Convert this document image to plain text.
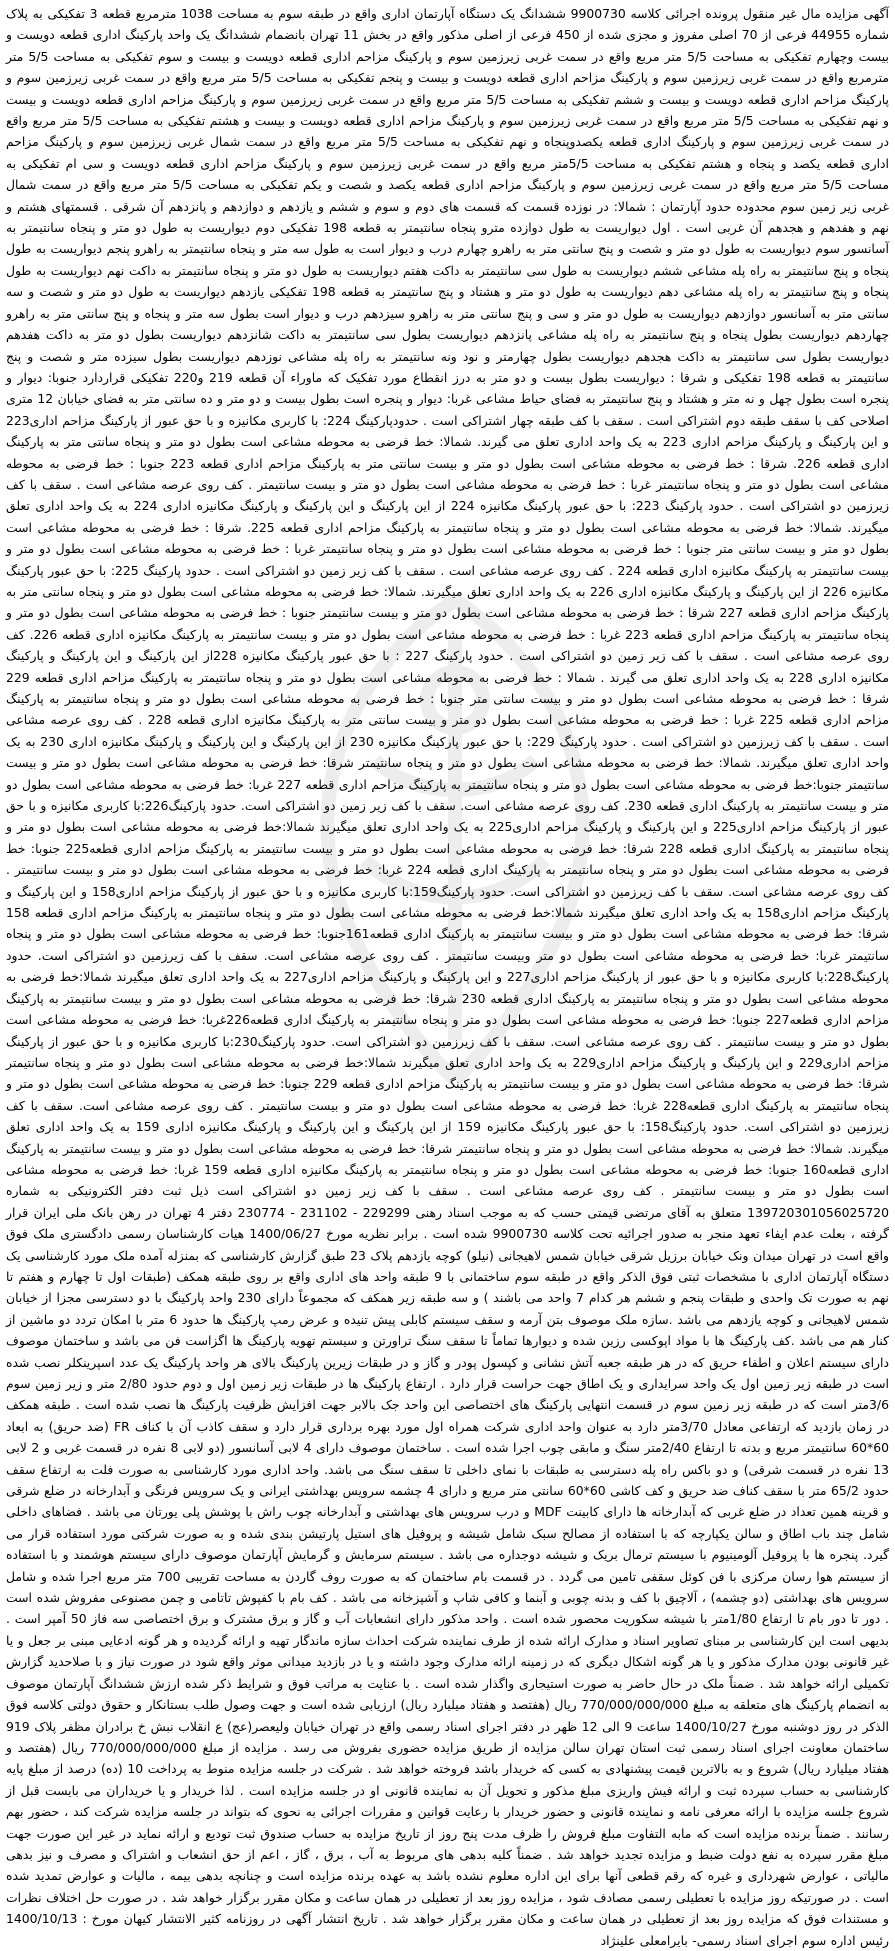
آگهی مزایده مال غیر منقول پرونده اجرائی کلاسه 9900730 ششدانگ یک دستگاه آپارتمان اداری واقع در طبقه سوم به مساحت 1038 مترمربع قطعه 3 تفکیکی به پلاک شماره 44955 فرعی از 70 اصلی مفروز و مجزی شده از 450 فرعی از اصلی مذکور واقع در بخش 11 تهران بانضمام ششدانگ یک واحد پارکینگ اداری قطعه دویست و بیست وچهارم تفکیکی به مساحت 5/5 متر مربع واقع در سمت غربی زیرزمین سوم و پارکینگ مزاحم اداری قطعه دویست و بیست و سوم تفکیکی به مساحت 5/5 متر مترمربع واقع در سمت غربی زیرزمین سوم و پارکینگ مزاحم اداری قطعه دویست و بیست و پنجم تفکیکی به مساحت 5/5 متر مربع واقع در سمت غربی زیرزمین سوم و پارکینگ مزاحم اداری قطعه دویست و بیست و ششم تفکیکی به مساحت 5/5 متر مربع واقع در سمت غربی زیرزمین سوم و پارکینگ مزاحم اداری قطعه دویست و بیست و نهم تفکیکی به مساحت 5/5 متر مربع واقع در سمت غربی زیرزمین سوم و پارکینگ مزاحم اداری قطعه دویست و بیست و هشتم تفکیکی به مساحت 5/5 متر مربع واقع در سمت غربی زیرزمین سوم و پارکینگ اداری قطعه یکصدوپنجاه و نهم تفکیکی به مساحت 5/5 متر مربع واقع در سمت شمال غربی زیرزمین سوم و پارکینگ مزاحم اداری قطعه یکصد و پنجاه و هشتم تفکیکی به مساحت 5/5متر مربع واقع در سمت غربی زیرزمین سوم و پارکینگ مزاحم اداری قطعه دویست و سی ام تفکیکی به مساحت 5/5 متر مربع واقع در سمت غربی زیرزمین سوم و پارکینگ مزاحم اداری قطعه یکصد و شصت و یکم تفکیکی به مساحت 5/5 متر مربع واقع در سمت شمال غربی زیر زمین سوم محدوده حدود آپارتمان : شمالا: در نوزده قسمت که قسمت های دوم و سوم و ششم و یازدهم و دوازدهم و پانزدهم آن شرقی . قسمتهای هشتم و نهم و هفدهم و هجدهم آن غربی است . اول دیواریست به طول دوازده مترو پنجاه سانتیمتر به قطعه 198 تفکیکی دوم دیواریست به طول دو متر و پنجاه سانتیمتر به آسانسور سوم دیواریست به طول دو متر و شصت و پنج سانتی متر به راهرو چهارم درب و دیوار است به طول سه متر و پنجاه سانتیمتر به راهرو پنجم دیواریست به طول پنجاه و پنج سانتیمتر به راه پله مشاعی ششم دیواریست به طول سی سانتیمتر به داکت هفتم دیواریست به طول دو متر و پنجاه سانتیمتر به داکت نهم دیواریست به طول پنجاه و پنج سانتیمتر به راه پله مشاعی دهم دیواریست به طول دو متر و هشتاد و پنج سانتیمتر به قطعه 198 تفکیکی یازدهم دیواریست به طول دو متر و شصت و سه سانتی متر به آسانسور دوازدهم دیواریست به طول دو متر و سی و پنج سانتی متر به راهرو سیزدهم درب و دیوار است بطول سه متر و پنجاه و پنج سانتی متر به راهرو چهاردهم دیواریست بطول پنجاه و پنج سانتیمتر به راه پله مشاعی پانزدهم دیواریست بطول سی سانتیمتر به داکت شانزدهم دیواریست بطول دو متر به داکت هفدهم دیواریست بطول سی سانتیمتر به داکت هجدهم دیواریست بطول چهارمتر و نود ونه سانتیمتر به راه پله مشاعی نوزدهم دیواریست بطول سیزده متر و شصت و پنج سانتیمتر به قطعه 198 تفکیکی و شرقا : دیواریست بطول بیست و دو متر به درز انقطاع مورد تفکیک که ماوراء آن قطعه 219 و220 تفکیکی قراردارد جنوبا: دیوار و پنجره است بطول چهل و نه متر و هشتاد و پنج سانتیمتر به فضای حیاط مشاعی غربا: دیوار و پنجره است بطول بیست و دو متر و ده سانتی متر به فضای خیابان 12 متری اصلاحی کف با سقف طبقه دوم اشتراکی است . سقف با کف طبقه چهار اشتراکی است . حدودپارکینگ 224: با کاربری مکانیزه و با حق عبور از پارکینگ مزاحم اداری223 و این پارکینگ و پارکینگ مزاحم اداری 223 به یک واحد اداری تعلق می گیرند. شمالا: خط فرضی به محوطه مشاعی است بطول دو متر و پنجاه سانتی متر به پارکینگ اداری قطعه 226. شرقا : خط فرضی به محوطه مشاعی است بطول دو متر و بیست سانتی متر به پارکینگ مزاحم اداری قطعه 223 جنوبا : خط فرضی به محوطه مشاعی است بطول دو متر و پنجاه سانتیمتر غربا : خط فرضی به محوطه مشاعی است بطول دو متر و بیست سانتیمتر . کف روی عرصه مشاعی است . سقف با کف زیرزمین دو اشتراکی است . حدود پارکینگ 223: با حق عبور پارکینگ مکانیزه 224 از این پارکینگ و این پارکینگ و پارکینگ مکانیزه اداری 224 به یک واحد اداری تعلق میگیرند. شمالا: خط فرضی به محوطه مشاعی است بطول دو متر و پنجاه سانتیمتر به پارکینگ مزاحم اداری قطعه 225. شرقا : خط فرضی به محوطه مشاعی است بطول دو متر و بیست سانتی متر جنوبا : خط فرضی به محوطه مشاعی است بطول دو متر و پنجاه سانتیمتر غربا : خط فرضی به محوطه مشاعی است بطول دو متر و بیست سانتیمتر به پارکینگ مکانیزه اداری قطعه 224 . کف روی عرصه مشاعی است . سقف با کف زیر زمین دو اشتراکی است . حدود پارکینگ 225: با حق عبور پارکینگ مکانیزه 226 از این پارکینگ و پارکینگ مکانیزه اداری 226 به یک واحد اداری تعلق میگیرند. شمالا: خط فرضی به محوطه مشاعی است بطول دو متر و پنجاه سانتی متر به پارکینگ مزاحم اداری قطعه 227 شرقا : خط فرضی به محوطه مشاعی است بطول دو متر و بیست سانتیمتر جنوبا : خط فرضی به محوطه مشاعی است بطول دو متر و پنجاه سانتیمتر به پارکینگ مزاحم اداری قطعه 223 غربا : خط فرضی به محوطه مشاعی است بطول دو متر و بیست سانتیمتر به پارکینگ مکانیزه اداری قطعه 226. کف روی عرصه مشاعی است . سقف با کف زیر زمین دو اشتراکی است . حدود پارکینگ 227 : با حق عبور پارکینگ مکانیزه 228از این پارکینگ و این پارکینگ و پارکینگ مکانیزه اداری 228 به یک واحد اداری تعلق می گیرند . شمالا : خط فرضی به محوطه مشاعی است بطول دو متر و پنجاه سانتیمتر به پارکینگ مزاحم اداری قطعه 229 شرقا : خط فرضی به محوطه مشاعی است بطول دو متر و بیست سانتی متر جنوبا : خط فرضی به محوطه مشاعی است بطول دو متر و پنجاه سانتیمتر به پارکینگ مزاحم اداری قطعه 225 غربا : خط فرضی به محوطه مشاعی است بطول دو متر و بیست سانتی متر به پارکینگ مکانیزه اداری قطعه 228 . کف روی عرصه مشاعی است . سقف با کف زیرزمین دو اشتراکی است . حدود پارکینگ 229: با حق عبور پارکینگ مکانیزه 230 از این پارکینگ و این پارکینگ و پارکینگ مکانیزه اداری 230 به یک واحد اداری تعلق میگیرند. شمالا: خط فرضی به محوطه مشاعی است بطول دو متر و پنجاه سانتیمتر شرقا: خط فرضی به محوطه مشاعی است بطول دو متر و بیست سانتیمتر جنوبا:خط فرضی به محوطه مشاعی است بطول دو متر و پنجاه سانتیمتر به پارکینگ مزاحم اداری قطعه 227 غربا: خط فرضی به محوطه مشاعی است بطول دو متر و بیست سانتیمتر به پارکینگ اداری قطعه 230. کف روی عرصه مشاعی است. سقف با کف زیر زمین دو اشتراکی است. حدود پارکینگ226:با کاربری مکانیزه و با حق عبور از پارکینگ مزاحم اداری225 و این پارکینگ و پارکینگ مزاحم اداری225 به یک واحد اداری تعلق میگیرند شمالا:خط فرضی به محوطه مشاعی است بطول دو متر و پنجاه سانتیمتر به پارکینگ اداری قطعه 228 شرقا: خط فرضی به محوطه مشاعی است بطول دو متر و بیست سانتیمتر به پارکینگ مزاحم اداری قطعه225 جنوبا: خط فرضی به محوطه مشاعی است بطول دو متر و پنجاه سانتیمتر به پارکینگ اداری قطعه 224 غربا: خط فرضی به محوطه مشاعی است بطول دو متر و بیست سانتیمتر . کف روی عرصه مشاعی است. سقف با کف زیرزمین دو اشتراکی است. حدود پارکینگ159:با کاربری مکانیزه و با حق عبور از پارکینگ مزاحم اداری158 و این پارکینگ و پارکینگ مزاحم اداری158 به یک واحد اداری تعلق میگیرند شمالا:خط فرضی به محوطه مشاعی است بطول دو متر و پنجاه سانتیمتر به پارکینگ مزاحم اداری قطعه 158 شرقا: خط فرضی به محوطه مشاعی است بطول دو متر و بیست سانتیمتر به پارکینگ اداری قطعه161جنوبا: خط فرضی به محوطه مشاعی است بطول دو متر و پنجاه سانتیمتر غربا: خط فرضی به محوطه مشاعی است بطول دو متر وبیست سانتیمتر . کف روی عرصه مشاعی است. سقف با کف زیرزمین دو اشتراکی است. حدود پارکینگ228:با کاربری مکانیزه و با حق عبور از پارکینگ مزاحم اداری227 و این پارکینگ و پارکینگ مزاحم اداری227 به یک واحد اداری تعلق میگیرند شمالا:خط فرضی به محوطه مشاعی است بطول دو متر و پنجاه سانتیمتر به پارکینگ اداری قطعه 230 شرقا: خط فرضی به محوطه مشاعی است بطول دو متر و بیست سانتیمتر به پارکینگ مزاحم اداری قطعه227 جنوبا: خط فرضی به محوطه مشاعی است بطول دو متر و پنجاه سانتیمتر به پارکینگ اداری قطعه226غربا: خط فرضی به محوطه مشاعی است بطول دو متر و بیست سانتیمتر . کف روی عرصه مشاعی است. سقف با کف زیرزمین دو اشتراکی است. حدود پارکینگ230:با کاربری مکانیزه و با حق عبور از پارکینگ مزاحم اداری229 و این پارکینگ و پارکینگ مزاحم اداری229 به یک واحد اداری تعلق میگیرند شمالا:خط فرضی به محوطه مشاعی است بطول دو متر و پنجاه سانتیمتر شرقا: خط فرضی به محوطه مشاعی است بطول دو متر و بیست سانتیمتر به پارکینگ مزاحم اداری قطعه 229 جنوبا: خط فرضی به محوطه مشاعی است بطول دو متر و پنجاه سانتیمتر به پارکینگ اداری قطعه228 غربا: خط فرضی به محوطه مشاعی است بطول دو متر و بیست سانتیمتر . کف روی عرصه مشاعی است. سقف با کف زیرزمین دو اشتراکی است. حدود پارکینگ158: با حق عبور پارکینگ مکانیزه 159 از این پارکینگ و این پارکینگ و پارکینگ مکانیزه اداری 159 به یک واحد اداری تعلق میگیرند. شمالا: خط فرضی به محوطه مشاعی است بطول دو متر و پنجاه سانتیمتر شرقا: خط فرضی به محوطه مشاعی است بطول دو متر و بیست سانتیمتر به پارکینگ اداری قطعه160 جنوبا: خط فرضی به محوطه مشاعی است بطول دو متر و پنجاه سانتیمتر به پارکینگ مکانیزه اداری قطعه 159 غربا: خط فرضی به محوطه مشاعی است بطول دو متر و بیست سانتیمتر . کف روی عرصه مشاعی است . سقف با کف زیر زمین دو اشتراکی است ذیل ثبت دفتر الکترونیکی به شماره 139720301056025720 متعلق به آقای مرتضی قیمتی حسب که به موجب اسناد رهنی 229299 - 231102 - 230774 دفتر 4 تهران در رهن بانک ملی ایران قرار گرفته ، بعلت عدم ایفاء تعهد منجر به صدور اجرائیه تحت کلاسه 9900730 شده است . برابر نظریه مورخ 1400/06/27 هیات کارشناسان رسمی دادگستری ملک فوق واقع است در تهران میدان ونک خیابان برزیل شرقی خیابان شمس لاهیجانی (نیلو) کوچه یازدهم پلاک 23 طبق گزارش کارشناسی که بمنزله آمده ملک مورد کارشناسی یک دستگاه آپارتمان اداری با مشخصات ثبتی فوق الذکر واقع در طبقه سوم ساختمانی با 9 طبقه واحد های اداری واقع بر روی طبقه همکف (طبقات اول تا چهارم و هفتم تا نهم به صورت تک واحدی و طبقات پنجم و ششم هر کدام 7 واحد می باشند ) و سه طبقه زیر همکف که مجموعاً دارای 230 واحد پارکینگ با دو دسترسی مجزا از خیابان شمس لاهیجانی و کوچه یازدهم می باشد .سازه ملک موصوف بتن آرمه و سقف سیستم کابلی پیش تنیده و عرض رمپ پارکینگ ها حدود 6 متر با امکان تردد دو ماشین از کنار هم می باشد .کف پارکینگ ها با مواد اپوکسی رزین شده و دیوارها تماماً تا سقف سنگ تراورتن و سیستم تهویه پارکینگ ها اگزاست فن می باشد و ساختمان موصوف دارای سیستم اعلان و اطفاء حریق که در هر طبقه جعبه آتش نشانی و کپسول پودر و گاز و در طبقات زیرین پارکینگ بالای هر واحد پارکینگ یک عدد اسپرینکلر نصب شده است در طبقه زیر زمین اول یک واحد سرایداری و یک اطاق جهت حراست قرار دارد . ارتفاع پارکینگ ها در طبقات زیر زمین اول و دوم حدود 2/80 متر و زیر زمین سوم 3/6متر است که در طبقه زیر زمین سوم در قسمت انتهایی پارکینگ های اختصاصی این واحد جک بالابر جهت افزایش ظرفیت پارکینگ ها نصب شده است . طبقه همکف در زمان بازدید که ارتفاعی معادل 3/70متر دارد به عنوان واحد اداری شرکت همراه اول مورد بهره برداری قرار دارد و سقف کاذب آن با کناف FR (ضد حریق) به ابعاد 60*60 سانتیمتر مربع و بدنه تا ارتفاع 2/40متر سنگ و مابقی چوب اجرا شده است . ساختمان موصوف دارای 4 لابی آسانسور (دو لابی 8 نفره در قسمت غربی و 2 لابی 13 نفره در قسمت شرقی) و دو باکس راه پله دسترسی به طبقات با نمای داخلی تا سقف سنگ می باشد. واحد اداری مورد کارشناسی به صورت فلت به ارتفاع سقف حدود 65/2 متر با سقف کناف ضد حریق و کف کاشی 60*60 سانتی متر مربع و دارای 4 چشمه سرویس بهداشتی ایرانی و یک سرویس فرنگی و آبدارخانه در ضلع شرقی و قرینه همین تعداد در ضلع غربی که آبدارخانه ها دارای کابینت MDF و درب سرویس های بهداشتی و آبدارخانه چوب راش با پوشش پلی یورتان می باشد . فضاهای داخلی شامل چند باب اطاق و سالن یکپارچه که با استفاده از مصالح سبک شامل شیشه و پروفیل های استیل پارتیشن بندی شده و به صورت شرکتی مورد استفاده قرار می گیرد. پنجره ها با پروفیل آلومینیوم با سیستم ترمال بریک و شیشه دوجداره می باشد . سیستم سرمایش و گرمایش آپارتمان موصوف دارای سیستم هوشمند و با استفاده از سیستم هوا رسان مرکزی با فن کوئل سقفی تامین می گردد . در قسمت بام ساختمان که به صورت روف گاردن به مساحت تقریبی 700 متر مربع اجرا شده و شامل سرویس های بهداشتی (دو چشمه) ، آلاچیق با کف و بدنه چوبی و آبنما و کافی شاپ و آشپزخانه می باشد . کف بام با کفپوش تاتامی و چمن مصنوعی مفروش شده است . دور تا دور بام تا ارتفاع 1/80متر با شیشه سکوریت محصور شده است . واحد مذکور دارای انشعابات آب و گاز و برق مشترک و برق اختصاصی سه فاز 50 آمپر است . بدیهی است این کارشناسی بر مبنای تصاویر اسناد و مدارک ارائه شده از طرف نماینده شرکت احداث سازه ماندگار تهیه و ارائه گردیده و هر گونه ادعایی مبنی بر جعل و یا غیر قانونی بودن مدارک مذکور و یا هر گونه اشکال دیگری که در زمینه ارائه مدارک وجود داشته و یا در بازدید میدانی موثر واقع شود در صورت نیاز و با صلاحدید گزارش تکمیلی ارائه خواهد شد . ضمناً ملک در حال حاضر به صورت استیجاری واگذار شده است . با عنایت به مراتب فوق و شرایط ذکر شده ارزش ششدانگ آپارتمان موصوف به انضمام پارکینگ های متعلقه به مبلغ 770/000/000/000 ریال (هفتصد و هفتاد میلیارد ریال) ارزیابی شده است و جهت وصول طلب بستانکار و حقوق دولتی کلاسه فوق الذکر در روز دوشنبه مورخ 1400/10/27 ساعت 9 الی 12 ظهر در دفتر اجرای اسناد رسمی واقع در تهران خیابان ولیعصر(عج) ع انقلاب نبش خ برادران مظفر پلاک 919 ساختمان معاونت اجرای اسناد رسمی ثبت استان تهران سالن مزایده از طریق مزایده حضوری بفروش می رسد . مزایده از مبلغ 770/000/000/000 ریال (هفتصد و هفتاد میلیارد ریال) شروع و به بالاترین قیمت پیشنهادی به کسی که خریدار باشد فروخته خواهد شد . شرکت در جلسه مزایده منوط به پرداخت 10 (ده) درصد از مبلغ پایه کارشناسی به حساب سپرده ثبت و ارائه فیش واریزی مبلغ مذکور و تحویل آن به نماینده قانونی او در جلسه مزایده است . لذا خریدار و یا خریداران می بایست قبل از شروع جلسه مزایده با ارائه معرفی نامه و نماینده قانونی و حضور خریدار با رعایت قوانین و مقررات اجرائی به نحوی که بتواند در جلسه مزایده شرکت کند ، حضور بهم رسانند . ضمناً برنده مزایده است که مابه التفاوت مبلغ فروش را ظرف مدت پنج روز از تاریخ مزایده به حساب صندوق ثبت تودیع و ارائه نماید در غیر این صورت جهت مبلغ مقرر سپرده به نفع دولت ضبط و مزایده تجدید خواهد شد . ضمناً کلیه بدهی های مربوط به آب ، برق ، گاز ، اعم از حق انشعاب و اشتراک و مصرف و نیز بدهی مالیاتی ، عوارض شهرداری و غیره که رقم قطعی آنها برای این اداره معلوم نشده باشد به عهده برنده مزایده است و چنانچه بدهی بیمه ، مالیات و عوارض تمدید شده است . در صورتیکه روز مزایده با تعطیلی رسمی مصادف شود ، مزایده روز بعد از تعطیلی در همان ساعت و مکان مقرر برگزار خواهد شد . در صورت حل اختلاف نظرات و مستندات فوق که مزایده روز بعد از تعطیلی در همان ساعت و مکان مقرر برگزار خواهد شد . تاریخ انتشار آگهی در روزنامه کثیر الانتشار کیهان مورخ : 1400/10/13 رئیس اداره سوم اجرای اسناد رسمی- بایرامعلی علینژاد
